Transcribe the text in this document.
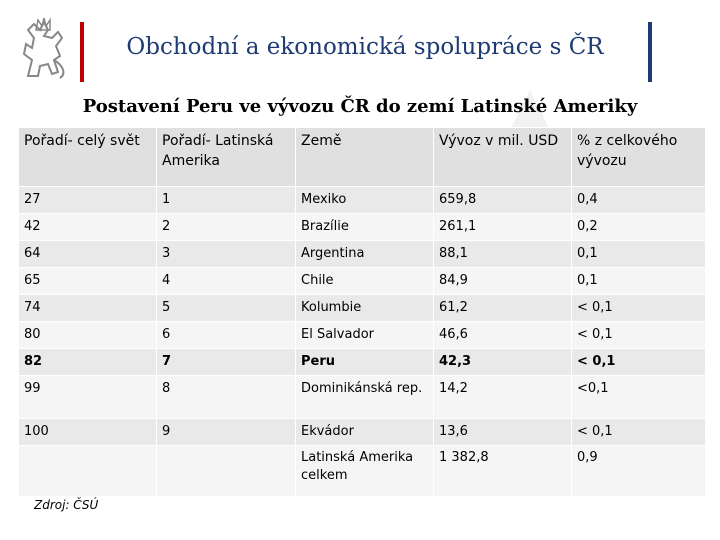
Obchodní a ekonomická spolupráce s ČR
Postavení Peru ve vývozu ČR do zemí Latinské Ameriky
Pořadí- celý svět	Pořadí- Latinská Amerika	Země	Vývoz v mil. USD	% z celkového vývozu
27	1	Mexiko	659,8	0,4
42	2	Brazílie	261,1	0,2
64	3	Argentina	88,1	0,1
65	4	Chile	84,9	0,1
74	5	Kolumbie	61,2	< 0,1
80	6	El Salvador	46,6	< 0,1
82	7	Peru	42,3	< 0,1
99	8	Dominikánská rep.	14,2	<0,1
100	9	Ekvádor	13,6	< 0,1
		Latinská Amerika celkem	1 382,8	0,9
Zdroj: ČSÚ
